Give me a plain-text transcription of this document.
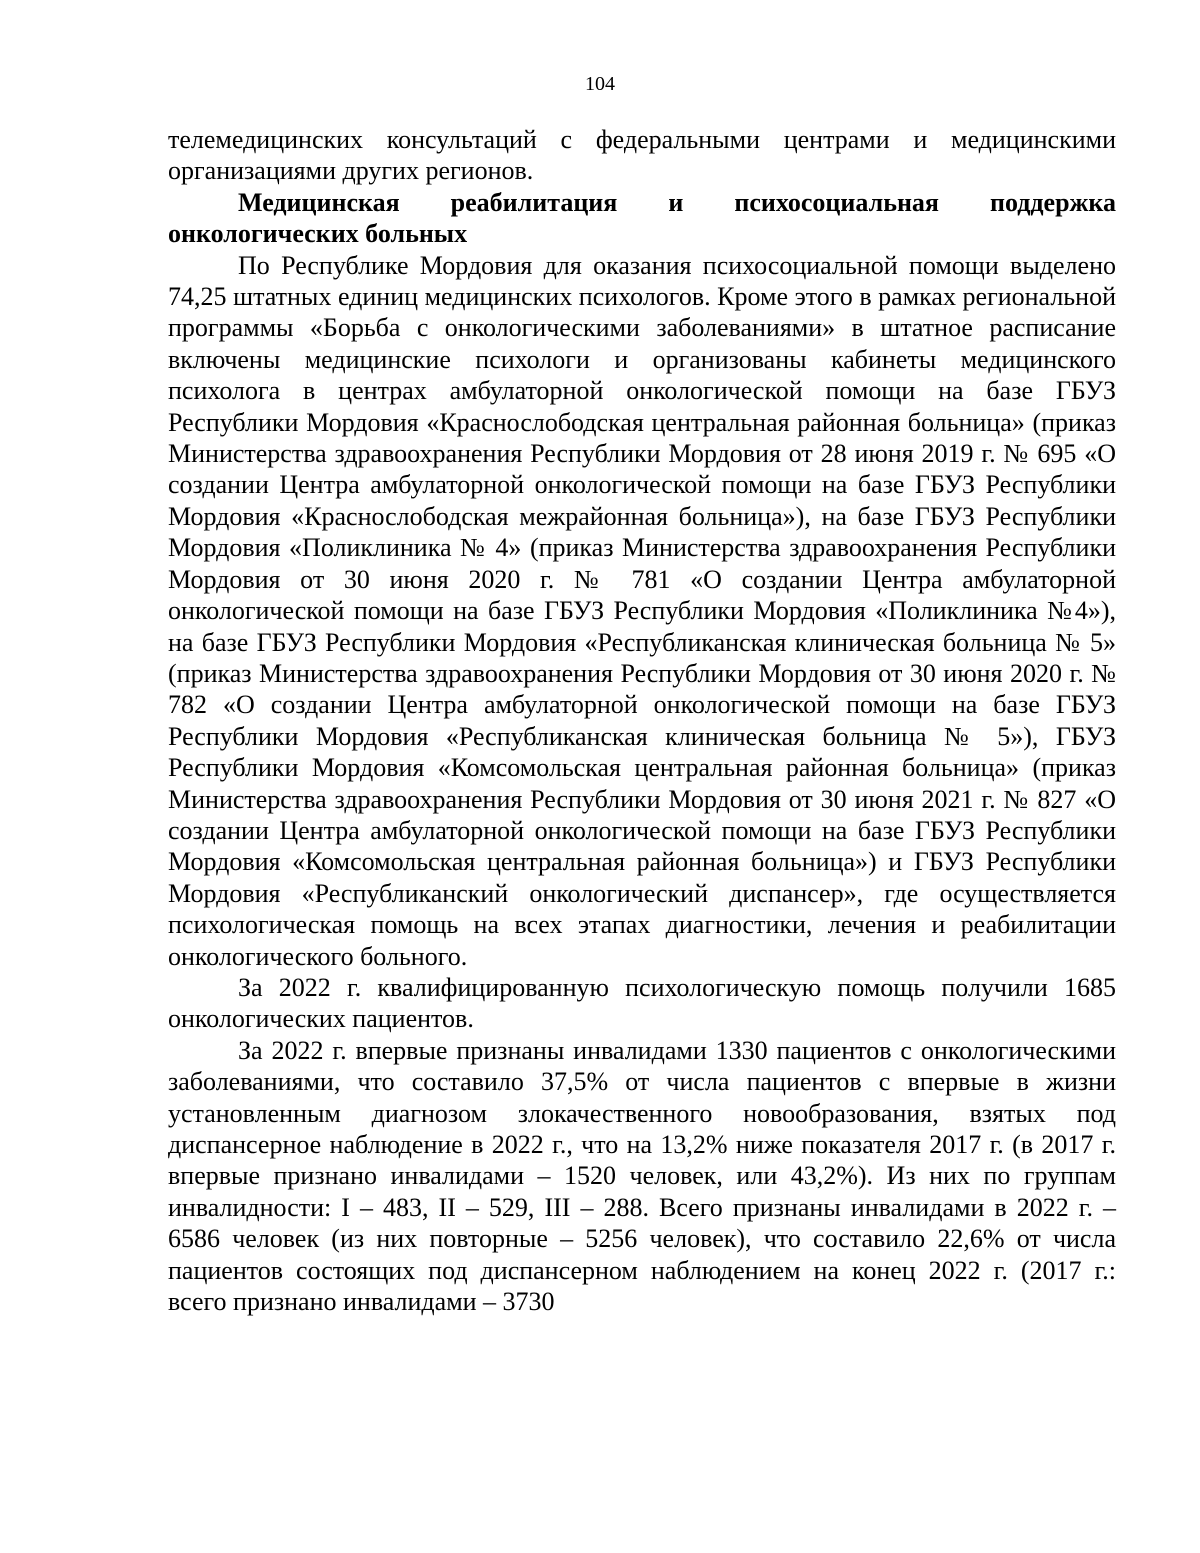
104

телемедицинских консультаций с федеральными центрами и медицинскими организациями других регионов.

Медицинская реабилитация и психосоциальная поддержка онкологических больных

По Республике Мордовия для оказания психосоциальной помощи выделено 74,25 штатных единиц медицинских психологов. Кроме этого в рамках региональной программы «Борьба с онкологическими заболеваниями» в штатное расписание включены медицинские психологи и организованы кабинеты медицинского психолога в центрах амбулаторной онкологической помощи на базе ГБУЗ Республики Мордовия «Краснослободская центральная районная больница» (приказ Министерства здравоохранения Республики Мордовия от 28 июня 2019 г. № 695 «О создании Центра амбулаторной онкологической помощи на базе ГБУЗ Республики Мордовия «Краснослободская межрайонная больница»), на базе ГБУЗ Республики Мордовия «Поликлиника № 4» (приказ Министерства здравоохранения Республики Мордовия от 30 июня 2020 г. № 781 «О создании Центра амбулаторной онкологической помощи на базе ГБУЗ Республики Мордовия «Поликлиника №4»), на базе ГБУЗ Республики Мордовия «Республиканская клиническая больница № 5» (приказ Министерства здравоохранения Республики Мордовия от 30 июня 2020 г. № 782 «О создании Центра амбулаторной онкологической помощи на базе ГБУЗ Республики Мордовия «Республиканская клиническая больница № 5»), ГБУЗ Республики Мордовия «Комсомольская центральная районная больница» (приказ Министерства здравоохранения Республики Мордовия от 30 июня 2021 г. № 827 «О создании Центра амбулаторной онкологической помощи на базе ГБУЗ Республики Мордовия «Комсомольская центральная районная больница») и ГБУЗ Республики Мордовия «Республиканский онкологический диспансер», где осуществляется психологическая помощь на всех этапах диагностики, лечения и реабилитации онкологического больного.

За 2022 г. квалифицированную психологическую помощь получили 1685 онкологических пациентов.

За 2022 г. впервые признаны инвалидами 1330 пациентов с онкологическими заболеваниями, что составило 37,5% от числа пациентов с впервые в жизни установленным диагнозом злокачественного новообразования, взятых под диспансерное наблюдение в 2022 г., что на 13,2% ниже показателя 2017 г. (в 2017 г. впервые признано инвалидами – 1520 человек, или 43,2%). Из них по группам инвалидности: I – 483, II – 529, III – 288. Всего признаны инвалидами в 2022 г. – 6586 человек (из них повторные – 5256 человек), что составило 22,6% от числа пациентов состоящих под диспансерном наблюдением на конец 2022 г. (2017 г.: всего признано инвалидами – 3730
